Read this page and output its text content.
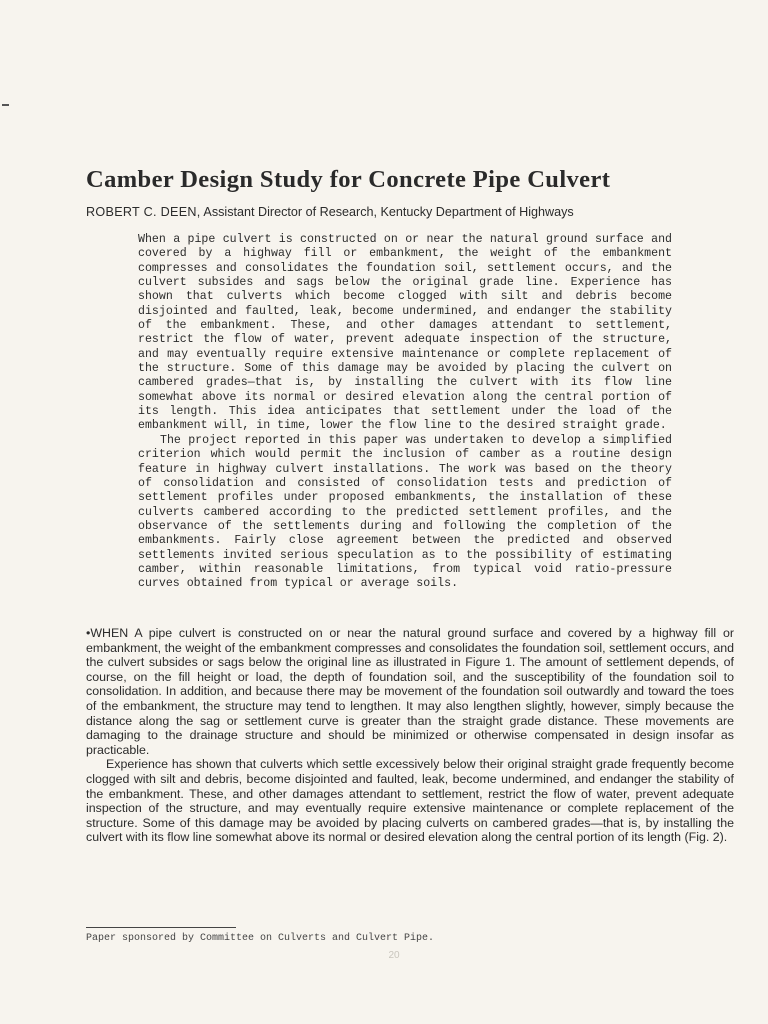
Camber Design Study for Concrete Pipe Culvert
ROBERT C. DEEN, Assistant Director of Research, Kentucky Department of Highways

When a pipe culvert is constructed on or near the natural ground surface and covered by a highway fill or embankment, the weight of the embankment compresses and consolidates the foundation soil, settlement occurs, and the culvert subsides and sags below the original grade line. Experience has shown that culverts which become clogged with silt and debris become disjointed and faulted, leak, become undermined, and endanger the stability of the embankment. These, and other damages attendant to settlement, restrict the flow of water, prevent adequate inspection of the structure, and may eventually require extensive maintenance or complete replacement of the structure. Some of this damage may be avoided by placing the culvert on cambered grades—that is, by installing the culvert with its flow line somewhat above its normal or desired elevation along the central portion of its length. This idea anticipates that settlement under the load of the embankment will, in time, lower the flow line to the desired straight grade.

The project reported in this paper was undertaken to develop a simplified criterion which would permit the inclusion of camber as a routine design feature in highway culvert installations. The work was based on the theory of consolidation and consisted of consolidation tests and prediction of settlement profiles under proposed embankments, the installation of these culverts cambered according to the predicted settlement profiles, and the observance of the settlements during and following the completion of the embankments. Fairly close agreement between the predicted and observed settlements invited serious speculation as to the possibility of estimating camber, within reasonable limitations, from typical void ratio-pressure curves obtained from typical or average soils.

•WHEN A pipe culvert is constructed on or near the natural ground surface and covered by a highway fill or embankment, the weight of the embankment compresses and consolidates the foundation soil, settlement occurs, and the culvert subsides or sags below the original line as illustrated in Figure 1. The amount of settlement depends, of course, on the fill height or load, the depth of foundation soil, and the susceptibility of the foundation soil to consolidation. In addition, and because there may be movement of the foundation soil outwardly and toward the toes of the embankment, the structure may tend to lengthen. It may also lengthen slightly, however, simply because the distance along the sag or settlement curve is greater than the straight grade distance. These movements are damaging to the drainage structure and should be minimized or otherwise compensated in design insofar as practicable.

Experience has shown that culverts which settle excessively below their original straight grade frequently become clogged with silt and debris, become disjointed and faulted, leak, become undermined, and endanger the stability of the embankment. These, and other damages attendant to settlement, restrict the flow of water, prevent adequate inspection of the structure, and may eventually require extensive maintenance or complete replacement of the structure. Some of this damage may be avoided by placing culverts on cambered grades—that is, by installing the culvert with its flow line somewhat above its normal or desired elevation along the central portion of its length (Fig. 2).

Paper sponsored by Committee on Culverts and Culvert Pipe.
20
